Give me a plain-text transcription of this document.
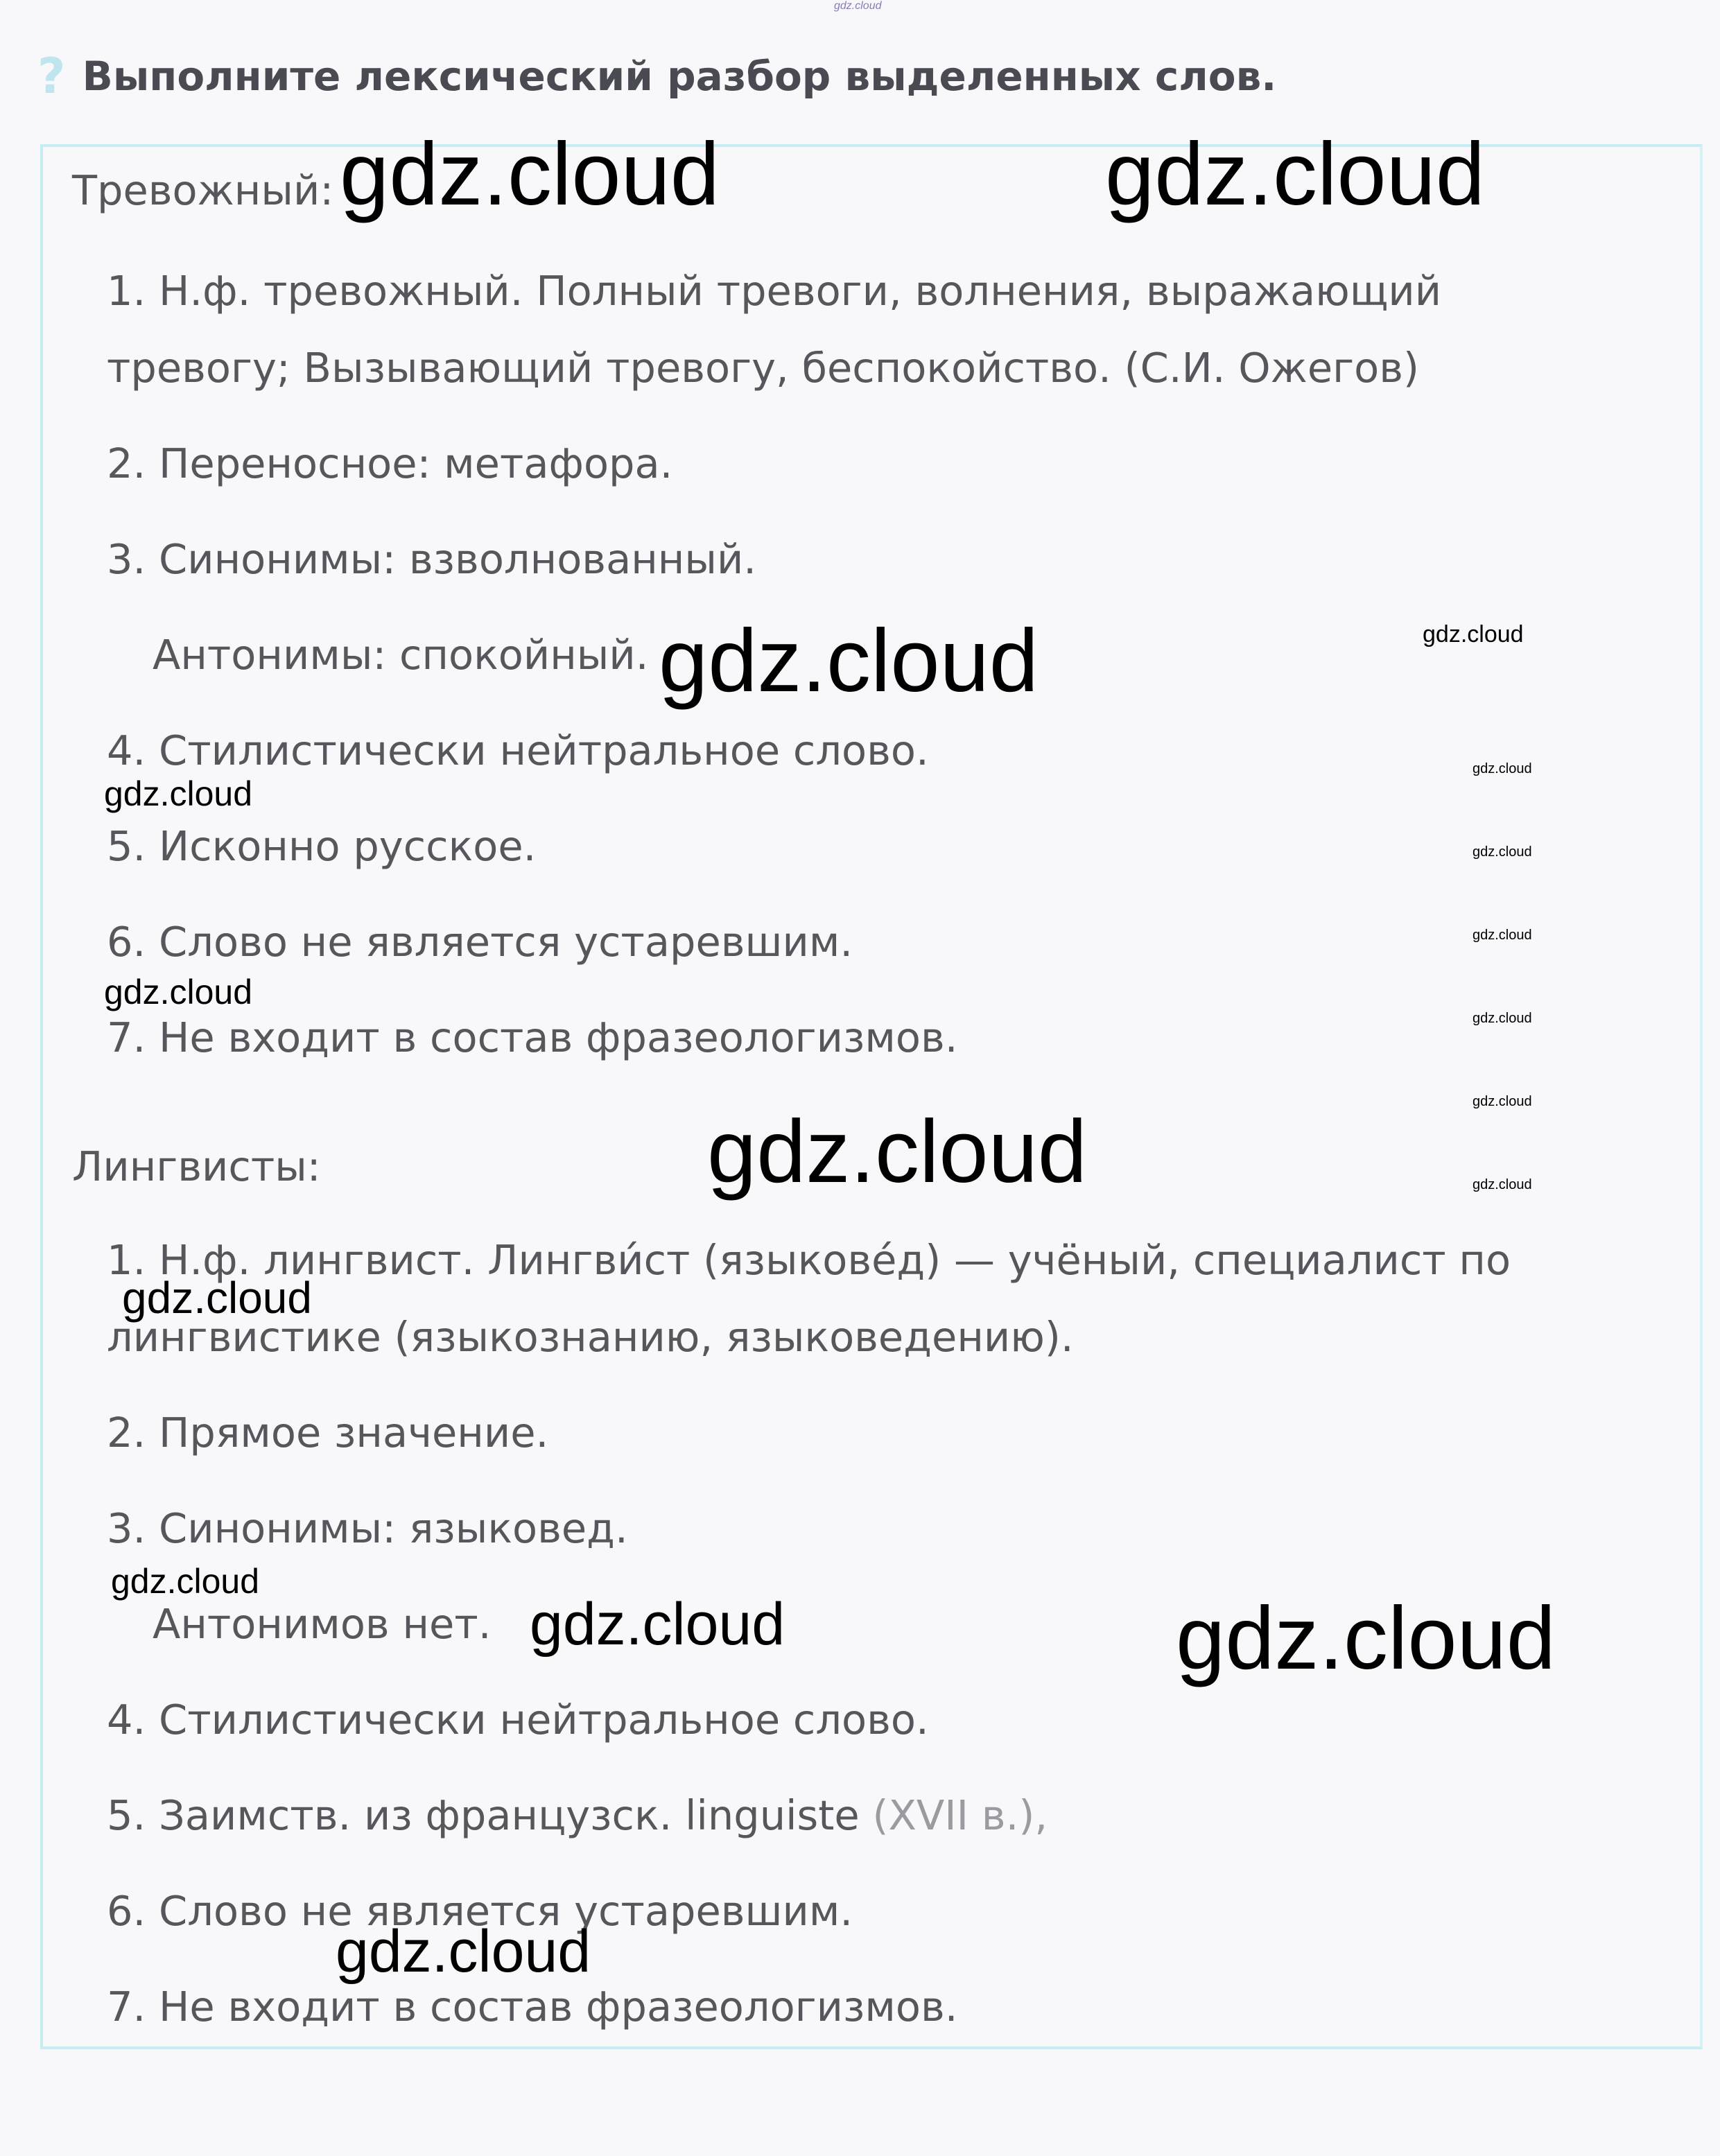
gdz.cloud
? Выполните лексический разбор выделенных слов.
Тревожный:
1. Н.ф. тревожный. Полный тревоги, волнения, выражающий
тревогу; Вызывающий тревогу, беспокойство. (С.И. Ожегов)
2. Переносное: метафора.
3. Синонимы: взволнованный.
Антонимы: спокойный.
4. Стилистически нейтральное слово.
5. Исконно русское.
6. Слово не является устаревшим.
7. Не входит в состав фразеологизмов.
Лингвисты:
1. Н.ф. лингвист. Лингви́ст (языкове́д) — учёный, специалист по
лингвистике (языкознанию, языковедению).
2. Прямое значение.
3. Синонимы: языковед.
Антонимов нет.
4. Стилистически нейтральное слово.
5. Заимств. из французск. linguiste (XVII в.),
6. Слово не является устаревшим.
7. Не входит в состав фразеологизмов.
gdz.cloud	gdz.cloud
gdz.cloud
gdz.cloud
gdz.cloud
gdz.cloud
gdz.cloud
gdz.cloud
gdz.cloud
gdz.cloud
gdz.cloud
gdz.cloud
gdz.cloud
gdz.cloud
gdz.cloud
gdz.cloud
gdz.cloud
gdz.cloud
